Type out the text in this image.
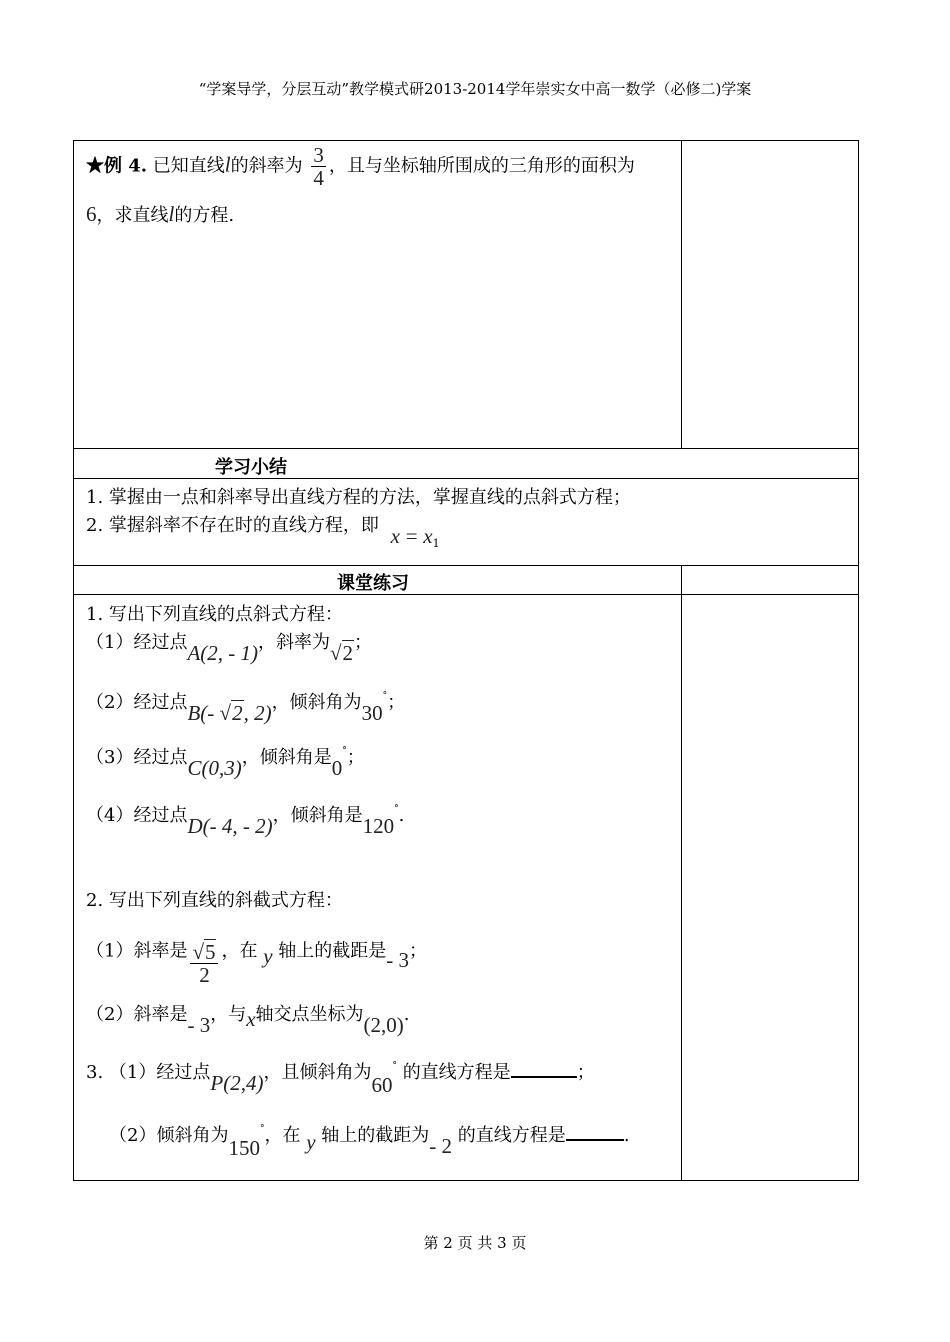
“学案导学，分层互动”教学模式研2013-2014学年崇实女中高一数学（必修二)学案
★例 4. 已知直线l的斜率为 $\frac{3}{4}$ ，且与坐标轴所围成的三角形的面积为
6，求直线l的方程.
学习小结
1. 掌握由一点和斜率导出直线方程的方法，掌握直线的点斜式方程；
2. 掌握斜率不存在时的直线方程，即 $x = x_1$
课堂练习
1. 写出下列直线的点斜式方程：
（1）经过点A(2, - 1)，斜率为√2；
（2）经过点B(- √2, 2)，倾斜角为30°；
（3）经过点C(0,3)，倾斜角是0°；
（4）经过点D(- 4, - 2)，倾斜角是120°.
2. 写出下列直线的斜截式方程：
（1）斜率是 $\frac{√5}{2}$ ，在 y 轴上的截距是- 3；
（2）斜率是- 3，与x轴交点坐标为(2,0).
3. （1）经过点P(2,4)，且倾斜角为60° 的直线方程是	；
（2）倾斜角为150°，在 y 轴上的截距为- 2 的直线方程是	.
第 2 页 共 3 页
